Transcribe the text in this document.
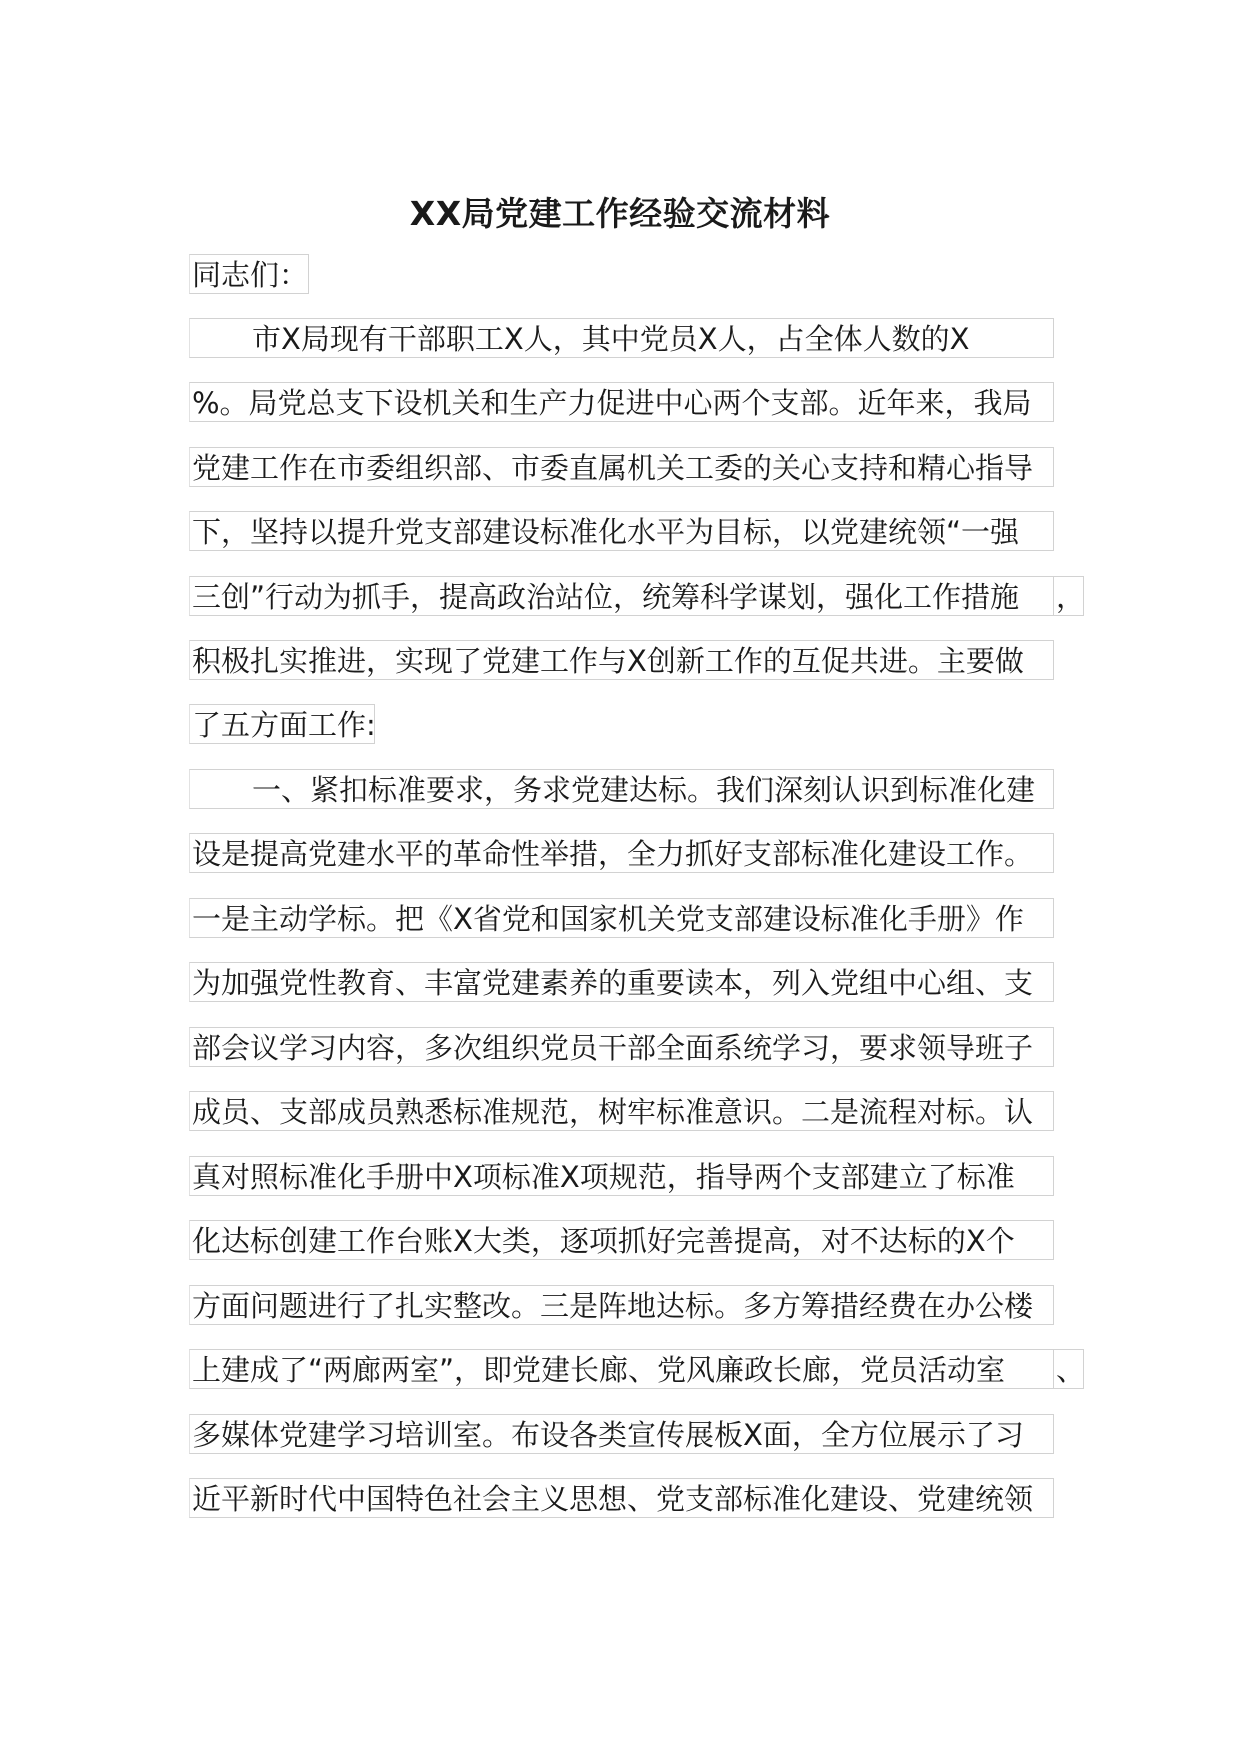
XX局党建工作经验交流材料
同志们：
市X局现有干部职工X人，其中党员X人，占全体人数的X
%。局党总支下设机关和生产力促进中心两个支部。近年来，我局
党建工作在市委组织部、市委直属机关工委的关心支持和精心指导
下，坚持以提升党支部建设标准化水平为目标，以党建统领“一强
三创”行动为抓手，提高政治站位，统筹科学谋划，强化工作措施	，
积极扎实推进，实现了党建工作与X创新工作的互促共进。主要做
了五方面工作:
一、紧扣标准要求，务求党建达标。我们深刻认识到标准化建
设是提高党建水平的革命性举措，全力抓好支部标准化建设工作。
一是主动学标。把《X省党和国家机关党支部建设标准化手册》作
为加强党性教育、丰富党建素养的重要读本，列入党组中心组、支
部会议学习内容，多次组织党员干部全面系统学习，要求领导班子
成员、支部成员熟悉标准规范，树牢标准意识。二是流程对标。认
真对照标准化手册中X项标准X项规范，指导两个支部建立了标准
化达标创建工作台账X大类，逐项抓好完善提高，对不达标的X个
方面问题进行了扎实整改。三是阵地达标。多方筹措经费在办公楼
上建成了“两廊两室”，即党建长廊、党风廉政长廊，党员活动室	、
多媒体党建学习培训室。布设各类宣传展板X面，全方位展示了习
近平新时代中国特色社会主义思想、党支部标准化建设、党建统领
